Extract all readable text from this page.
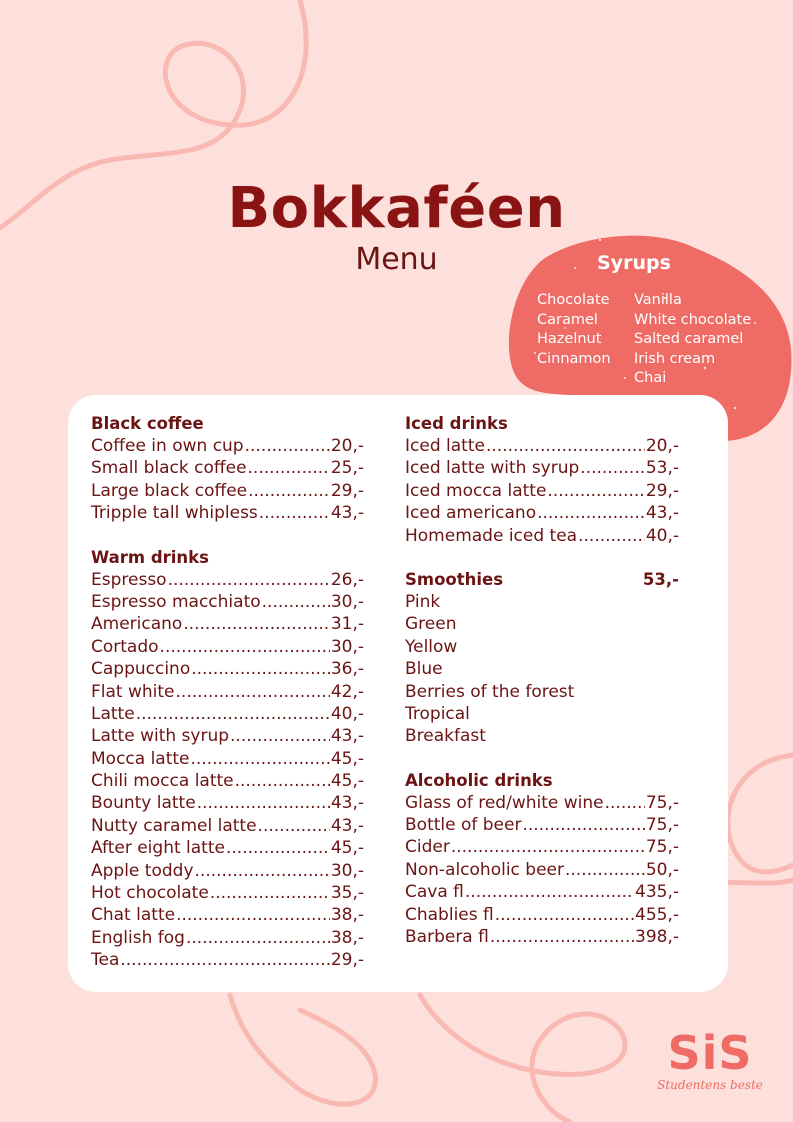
Bokkaféen
Menu	Syrups
Chocolate
Caramel
Hazelnut
Cinnamon
Vanilla
White chocolate
Salted caramel
Irish cream
Chai
Black coffee
Coffee in own cup .....	20,-
Small black coffee .....	25,-
Large black coffee .....	29,-
Tripple tall whipless .....	43,-
Warm drinks
Espresso .....	26,-
Espresso macchiato .....	30,-
Americano .....	31,-
Cortado .....	30,-
Cappuccino .....	36,-
Flat white .....	42,-
Latte .....	40,-
Latte with syrup .....	43,-
Mocca latte .....	45,-
Chili mocca latte .....	45,-
Bounty latte .....	43,-
Nutty caramel latte .....	43,-
After eight latte .....	45,-
Apple toddy .....	30,-
Hot chocolate .....	35,-
Chat latte .....	38,-
English fog .....	38,-
Tea .....	29,-
Iced drinks
Iced latte .....	20,-
Iced latte with syrup .....	53,-
Iced mocca latte .....	29,-
Iced americano .....	43,-
Homemade iced tea .....	40,-
Smoothies	53,-
Pink
Green
Yellow
Blue
Berries of the forest
Tropical
Breakfast
Alcoholic drinks
Glass of red/white wine ..... 75,-
Bottle of beer .....	75,-
Cider .....	75,-
Non-alcoholic beer .....	50,-
Cava fl .....	435,-
Chablies fl .....	455,-
Barbera fl .....	398,-
SiS
Studentens beste
